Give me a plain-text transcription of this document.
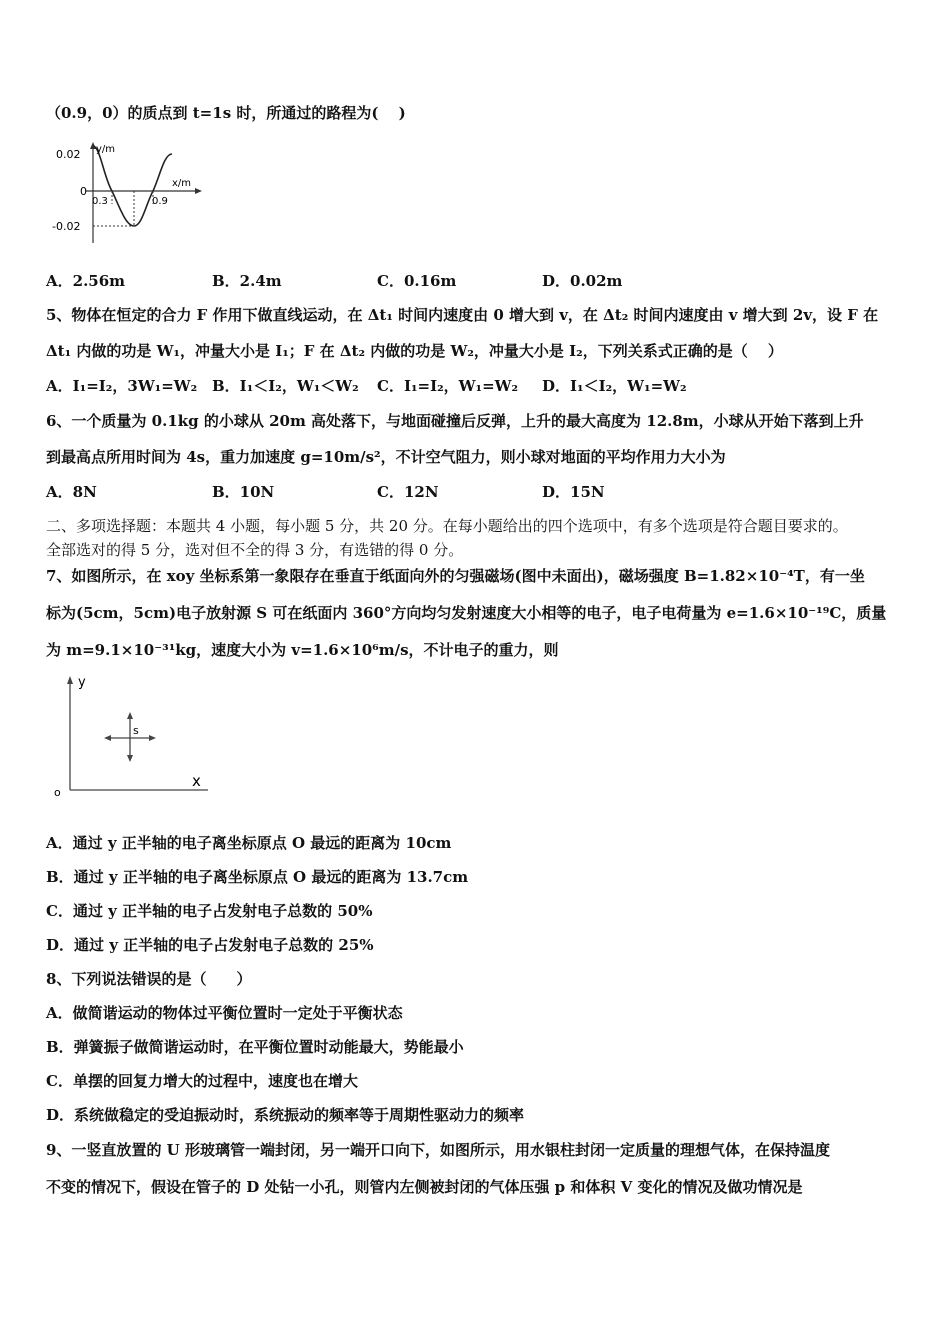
（0.9，0）的质点到 t=1s 时，所通过的路程为(　 )
y/m
x/m
0.02
0
-0.02
0.3	0.9
A．2.56m	B．2.4m	C．0.16m	D．0.02m
5、物体在恒定的合力 F 作用下做直线运动，在 Δt₁ 时间内速度由 0 增大到 v，在 Δt₂ 时间内速度由 v 增大到 2v，设 F 在
Δt₁ 内做的功是 W₁，冲量大小是 I₁；F 在 Δt₂ 内做的功是 W₂，冲量大小是 I₂，下列关系式正确的是（　 ）
A．I₁=I₂，3W₁=W₂ B．I₁＜I₂，W₁＜W₂ C．I₁=I₂，W₁=W₂ D．I₁＜I₂，W₁=W₂
6、一个质量为 0.1kg 的小球从 20m 高处落下，与地面碰撞后反弹，上升的最大高度为 12.8m，小球从开始下落到上升
到最高点所用时间为 4s，重力加速度 g=10m/s²，不计空气阻力，则小球对地面的平均作用力大小为
A．8N	B．10N	C．12N	D．15N
二、多项选择题：本题共 4 小题，每小题 5 分，共 20 分。在每小题给出的四个选项中，有多个选项是符合题目要求的。
全部选对的得 5 分，选对但不全的得 3 分，有选错的得 0 分。
7、如图所示，在 xoy 坐标系第一象限存在垂直于纸面向外的匀强磁场(图中未面出)，磁场强度 B=1.82×10⁻⁴T，有一坐
标为(5cm，5cm)电子放射源 S 可在纸面内 360°方向均匀发射速度大小相等的电子，电子电荷量为 e=1.6×10⁻¹⁹C，质量
为 m=9.1×10⁻³¹kg，速度大小为 v=1.6×10⁶m/s，不计电子的重力，则
y
x
o
s
A．通过 y 正半轴的电子离坐标原点 O 最远的距离为 10cm
B．通过 y 正半轴的电子离坐标原点 O 最远的距离为 13.7cm
C．通过 y 正半轴的电子占发射电子总数的 50%
D．通过 y 正半轴的电子占发射电子总数的 25%
8、下列说法错误的是（　　）
A．做简谐运动的物体过平衡位置时一定处于平衡状态
B．弹簧振子做简谐运动时，在平衡位置时动能最大，势能最小
C．单摆的回复力增大的过程中，速度也在增大
D．系统做稳定的受迫振动时，系统振动的频率等于周期性驱动力的频率
9、一竖直放置的 U 形玻璃管一端封闭，另一端开口向下，如图所示，用水银柱封闭一定质量的理想气体，在保持温度
不变的情况下，假设在管子的 D 处钻一小孔，则管内左侧被封闭的气体压强 p 和体积 V 变化的情况及做功情况是
